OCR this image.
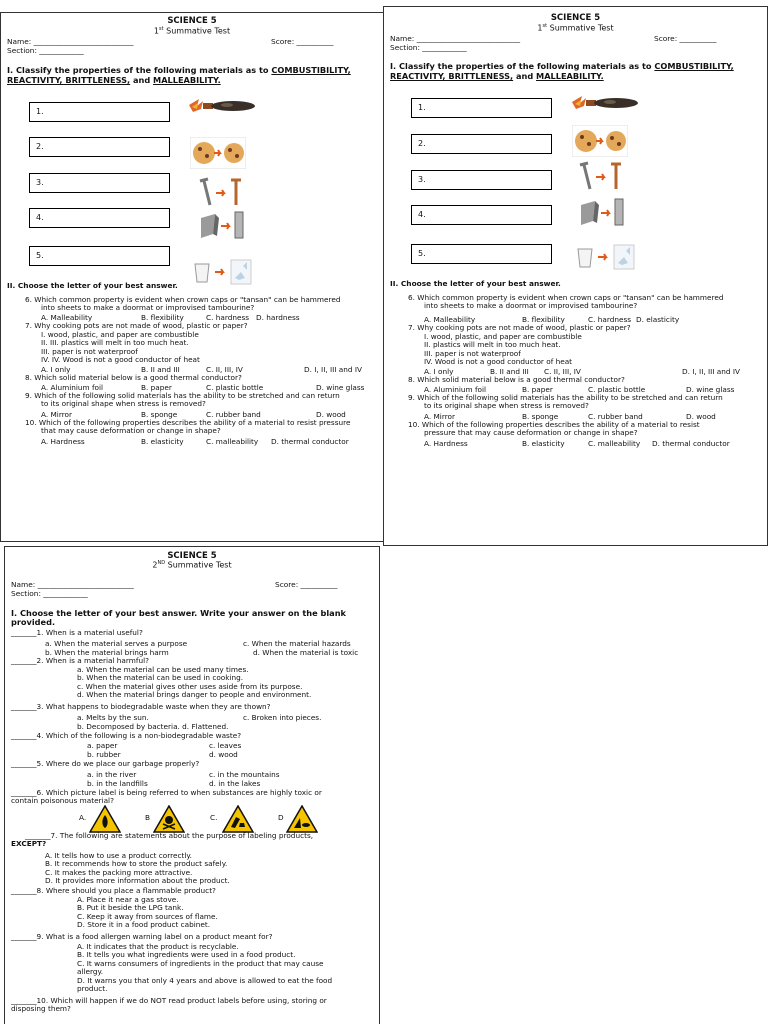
SCIENCE 5
1st Summative Test
Name: ___________________________	Score: __________
Section: ____________
I. Classify the properties of the following materials as to COMBUSTIBILITY,
REACTIVITY, BRITTLENESS, and MALLEABILITY.
1.
2.
3.
4.
5.
II. Choose the letter of your best answer.
6. Which common property is evident when crown caps or "tansan" can be hammered
into sheets to make a doormat or improvised tambourine?
A. Malleability	B. flexibility	C. hardness D. hardness
7. Why cooking pots are not made of wood, plastic or paper?
I. wood, plastic, and paper are combustible
II. III. plastics will melt in too much heat.
III. paper is not waterproof
IV. IV. Wood is not a good conductor of heat
A. I only	B. II and III	C. II, III, IV	D. I, II, III and IV
8. Which solid material below is a good thermal conductor?
A. Aluminium foil	B. paper	C. plastic bottle	D. wine glass
9. Which of the following solid materials has the ability to be stretched and can return
to its original shape when stress is removed?
A. Mirror	B. sponge	C. rubber band	D. wood
10. Which of the following properties describes the ability of a material to resist pressure
that may cause deformation or change in shape?
A. Hardness	B. elasticity	C. malleability D. thermal conductor
SCIENCE 5
1st Summative Test
Name: ____________________________	Score: __________
Section: ____________
I. Classify the properties of the following materials as to COMBUSTIBILITY,
REACTIVITY, BRITTLENESS, and MALLEABILITY.
1.
2.
3.
4.
5.
II. Choose the letter of your best answer.
6. Which common property is evident when crown caps or "tansan" can be hammered
into sheets to make a doormat or improvised tambourine?
A. Malleability	B. flexibility	C. hardness D. elasticity
7. Why cooking pots are not made of wood, plastic or paper?
I. wood, plastic, and paper are combustible
II. plastics will melt in too much heat.
III. paper is not waterproof
IV. Wood is not a good conductor of heat
A. I only	B. II and III C. II, III, IV	D. I, II, III and IV
8. Which solid material below is a good thermal conductor?
A. Aluminium foil	B. paper	C. plastic bottle	D. wine glass
9. Which of the following solid materials has the ability to be stretched and can return
to its original shape when stress is removed?
A. Mirror	B. sponge	C. rubber band	D. wood
10. Which of the following properties describes the ability of a material to resist
pressure that may cause deformation or change in shape?
A. Hardness	B. elasticity	C. malleability D. thermal conductor
SCIENCE 5
2ND Summative Test
Name: __________________________	Score: __________
Section: ____________
I. Choose the letter of your best answer. Write your answer on the blank
provided.
_______1. When is a material useful?
a. When the material serves a purpose	c. When the material hazards
b. When the material brings harm	d. When the material is toxic
_______2. When is a material harmful?
a. When the material can be used many times.
b. When the material can be used in cooking.
c. When the material gives other uses aside from its purpose.
d. When the material brings danger to people and environment.
_______3. What happens to biodegradable waste when they are thown?
a. Melts by the sun.	c. Broken into pieces.
b. Decomposed by bacteria. d. Flattened.
_______4. Which of the following is a non-biodegradable waste?
a. paper	c. leaves
b. rubber	d. wood
_______5. Where do we place our garbage properly?
a. in the river	c. in the mountains
b. in the landfills	d. in the lakes
_______6. Which picture label is being referred to when substances are highly toxic or
contain poisonous material?
A.	B	C.	D
_______7. The following are statements about the purpose of labeling products,
EXCEPT?
A. It tells how to use a product correctly.
B. It recommends how to store the product safely.
C. It makes the packing more attractive.
D. It provides more information about the product.
_______8. Where should you place a flammable product?
A. Place it near a gas stove.
B. Put it beside the LPG tank.
C. Keep it away from sources of flame.
D. Store it in a food product cabinet.
_______9. What is a food allergen warning label on a product meant for?
A. It indicates that the product is recyclable.
B. It tells you what ingredients were used in a food product.
C. It warns consumers of ingredients in the product that may cause
allergy.
D. It warns you that only 4 years and above is allowed to eat the food
product.
_______10. Which will happen if we do NOT read product labels before using, storing or
disposing them?
